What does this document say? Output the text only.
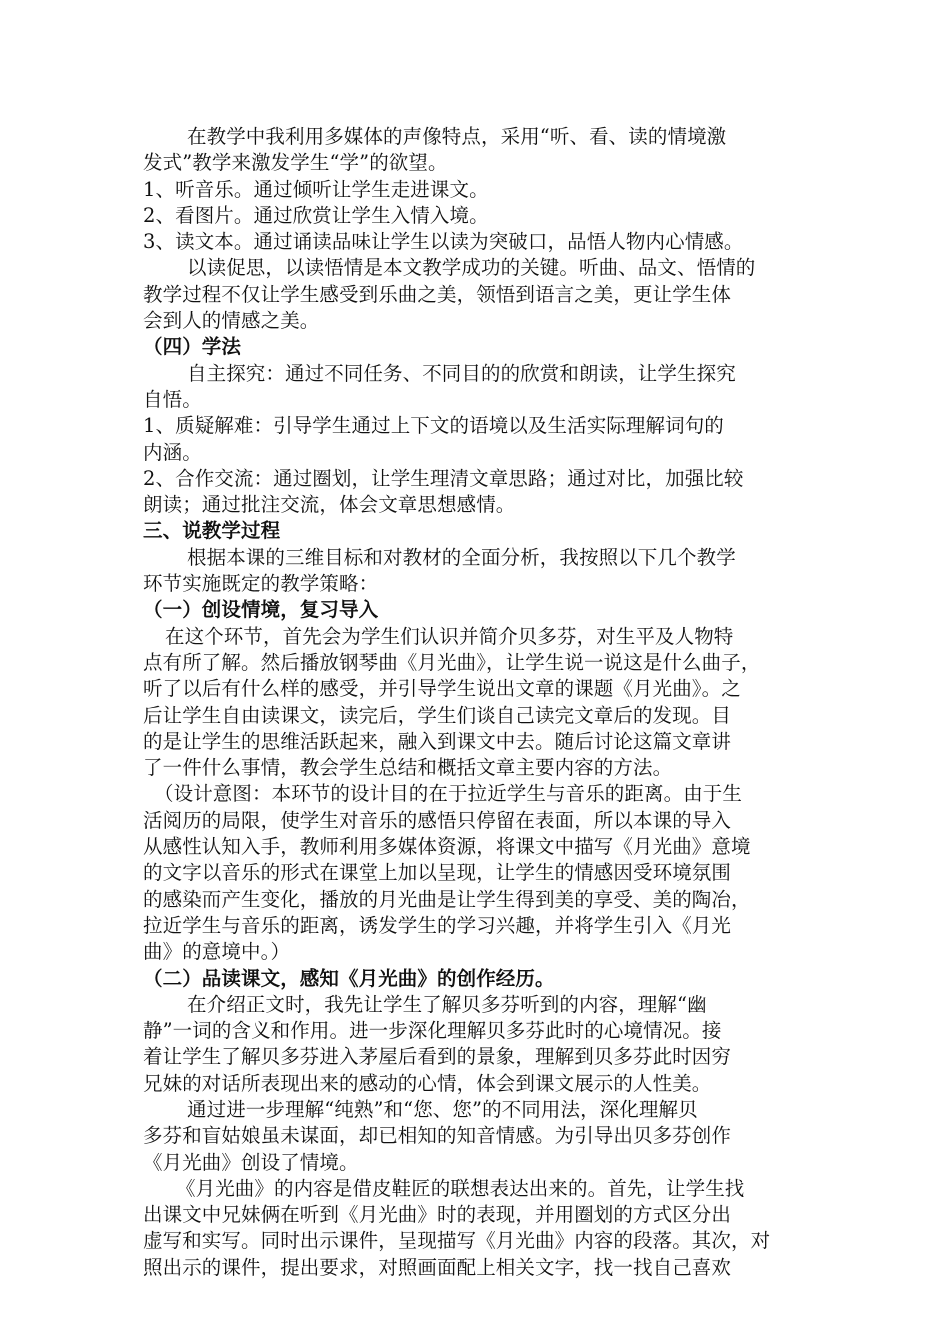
在教学中我利用多媒体的声像特点，采用“听、看、读的情境激
发式”教学来激发学生“学”的欲望。
1、听音乐。通过倾听让学生走进课文。
2、看图片。通过欣赏让学生入情入境。
3、读文本。通过诵读品味让学生以读为突破口，品悟人物内心情感。
以读促思，以读悟情是本文教学成功的关键。听曲、品文、悟情的
教学过程不仅让学生感受到乐曲之美，领悟到语言之美，更让学生体
会到人的情感之美。
（四）学法
自主探究：通过不同任务、不同目的的欣赏和朗读，让学生探究
自悟。
1、质疑解难：引导学生通过上下文的语境以及生活实际理解词句的
内涵。
2、合作交流：通过圈划，让学生理清文章思路；通过对比，加强比较
朗读；通过批注交流，体会文章思想感情。
三、说教学过程
根据本课的三维目标和对教材的全面分析，我按照以下几个教学
环节实施既定的教学策略：
（一）创设情境，复习导入
在这个环节，首先会为学生们认识并简介贝多芬，对生平及人物特
点有所了解。然后播放钢琴曲《月光曲》，让学生说一说这是什么曲子，
听了以后有什么样的感受，并引导学生说出文章的课题《月光曲》。之
后让学生自由读课文，读完后，学生们谈自己读完文章后的发现。目
的是让学生的思维活跃起来，融入到课文中去。随后讨论这篇文章讲
了一件什么事情，教会学生总结和概括文章主要内容的方法。
（设计意图：本环节的设计目的在于拉近学生与音乐的距离。由于生
活阅历的局限，使学生对音乐的感悟只停留在表面，所以本课的导入
从感性认知入手，教师利用多媒体资源，将课文中描写《月光曲》意境
的文字以音乐的形式在课堂上加以呈现，让学生的情感因受环境氛围
的感染而产生变化，播放的月光曲是让学生得到美的享受、美的陶冶，
拉近学生与音乐的距离，诱发学生的学习兴趣，并将学生引入《月光
曲》的意境中。）
（二）品读课文，感知《月光曲》的创作经历。
在介绍正文时，我先让学生了解贝多芬听到的内容，理解“幽
静”一词的含义和作用。进一步深化理解贝多芬此时的心境情况。接
着让学生了解贝多芬进入茅屋后看到的景象，理解到贝多芬此时因穷
兄妹的对话所表现出来的感动的心情，体会到课文展示的人性美。
通过进一步理解“纯熟”和“您、您”的不同用法，深化理解贝
多芬和盲姑娘虽未谋面，却已相知的知音情感。为引导出贝多芬创作
《月光曲》创设了情境。
《月光曲》的内容是借皮鞋匠的联想表达出来的。首先，让学生找
出课文中兄妹俩在听到《月光曲》时的表现，并用圈划的方式区分出
虚写和实写。同时出示课件，呈现描写《月光曲》内容的段落。其次，对
照出示的课件，提出要求，对照画面配上相关文字，找一找自己喜欢
